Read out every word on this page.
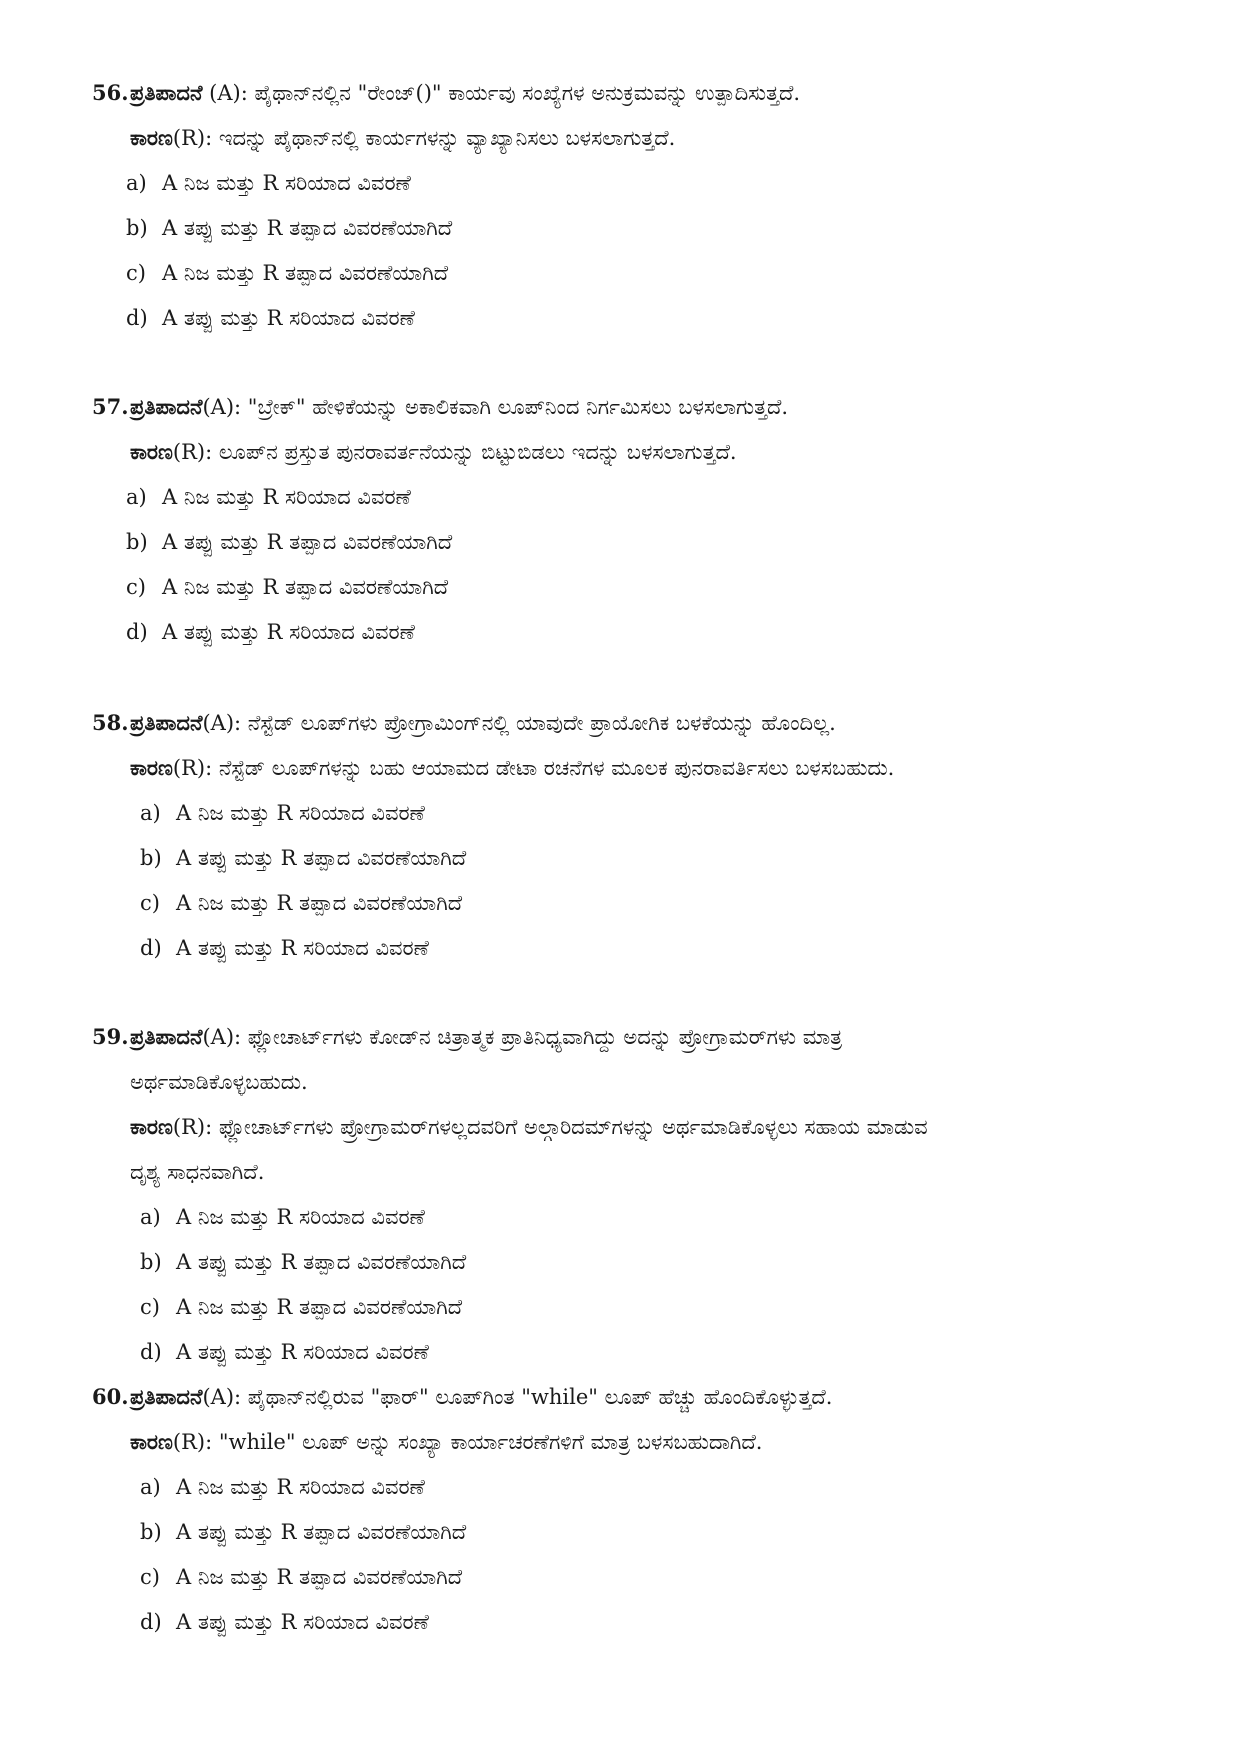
56.ಪ್ರತಿಪಾದನೆ (A): ಪೈಥಾನ್‌ನಲ್ಲಿನ "ರೇಂಜ್()" ಕಾರ್ಯವು ಸಂಖ್ಯೆಗಳ ಅನುಕ್ರಮವನ್ನು ಉತ್ಪಾದಿಸುತ್ತದೆ.
ಕಾರಣ(R): ಇದನ್ನು ಪೈಥಾನ್‌ನಲ್ಲಿ ಕಾರ್ಯಗಳನ್ನು ವ್ಯಾಖ್ಯಾನಿಸಲು ಬಳಸಲಾಗುತ್ತದೆ.
a) A ನಿಜ ಮತ್ತು R ಸರಿಯಾದ ವಿವರಣೆ
b) A ತಪ್ಪು ಮತ್ತು R ತಪ್ಪಾದ ವಿವರಣೆಯಾಗಿದೆ
c) A ನಿಜ ಮತ್ತು R ತಪ್ಪಾದ ವಿವರಣೆಯಾಗಿದೆ
d) A ತಪ್ಪು ಮತ್ತು R ಸರಿಯಾದ ವಿವರಣೆ
57.ಪ್ರತಿಪಾದನೆ(A): "ಬ್ರೇಕ್" ಹೇಳಿಕೆಯನ್ನು ಅಕಾಲಿಕವಾಗಿ ಲೂಪ್‌ನಿಂದ ನಿರ್ಗಮಿಸಲು ಬಳಸಲಾಗುತ್ತದೆ.
ಕಾರಣ(R): ಲೂಪ್‌ನ ಪ್ರಸ್ತುತ ಪುನರಾವರ್ತನೆಯನ್ನು ಬಿಟ್ಟುಬಿಡಲು ಇದನ್ನು ಬಳಸಲಾಗುತ್ತದೆ.
a) A ನಿಜ ಮತ್ತು R ಸರಿಯಾದ ವಿವರಣೆ
b) A ತಪ್ಪು ಮತ್ತು R ತಪ್ಪಾದ ವಿವರಣೆಯಾಗಿದೆ
c) A ನಿಜ ಮತ್ತು R ತಪ್ಪಾದ ವಿವರಣೆಯಾಗಿದೆ
d) A ತಪ್ಪು ಮತ್ತು R ಸರಿಯಾದ ವಿವರಣೆ
58.ಪ್ರತಿಪಾದನೆ(A): ನೆಸ್ಟೆಡ್ ಲೂಪ್‌ಗಳು ಪ್ರೋಗ್ರಾಮಿಂಗ್‌ನಲ್ಲಿ ಯಾವುದೇ ಪ್ರಾಯೋಗಿಕ ಬಳಕೆಯನ್ನು ಹೊಂದಿಲ್ಲ.
ಕಾರಣ(R): ನೆಸ್ಟೆಡ್ ಲೂಪ್‌ಗಳನ್ನು ಬಹು ಆಯಾಮದ ಡೇಟಾ ರಚನೆಗಳ ಮೂಲಕ ಪುನರಾವರ್ತಿಸಲು ಬಳಸಬಹುದು.
a) A ನಿಜ ಮತ್ತು R ಸರಿಯಾದ ವಿವರಣೆ
b) A ತಪ್ಪು ಮತ್ತು R ತಪ್ಪಾದ ವಿವರಣೆಯಾಗಿದೆ
c) A ನಿಜ ಮತ್ತು R ತಪ್ಪಾದ ವಿವರಣೆಯಾಗಿದೆ
d) A ತಪ್ಪು ಮತ್ತು R ಸರಿಯಾದ ವಿವರಣೆ
59.ಪ್ರತಿಪಾದನೆ(A): ಫ್ಲೋಚಾರ್ಟ್‌ಗಳು ಕೋಡ್‌ನ ಚಿತ್ರಾತ್ಮಕ ಪ್ರಾತಿನಿಧ್ಯವಾಗಿದ್ದು ಅದನ್ನು ಪ್ರೋಗ್ರಾಮರ್‌ಗಳು ಮಾತ್ರ
ಅರ್ಥಮಾಡಿಕೊಳ್ಳಬಹುದು.
ಕಾರಣ(R): ಫ್ಲೋಚಾರ್ಟ್‌ಗಳು ಪ್ರೋಗ್ರಾಮರ್‌ಗಳಲ್ಲದವರಿಗೆ ಅಲ್ಗಾರಿದಮ್‌ಗಳನ್ನು ಅರ್ಥಮಾಡಿಕೊಳ್ಳಲು ಸಹಾಯ ಮಾಡುವ
ದೃಶ್ಯ ಸಾಧನವಾಗಿದೆ.
a) A ನಿಜ ಮತ್ತು R ಸರಿಯಾದ ವಿವರಣೆ
b) A ತಪ್ಪು ಮತ್ತು R ತಪ್ಪಾದ ವಿವರಣೆಯಾಗಿದೆ
c) A ನಿಜ ಮತ್ತು R ತಪ್ಪಾದ ವಿವರಣೆಯಾಗಿದೆ
d) A ತಪ್ಪು ಮತ್ತು R ಸರಿಯಾದ ವಿವರಣೆ
60.ಪ್ರತಿಪಾದನೆ(A): ಪೈಥಾನ್‌ನಲ್ಲಿರುವ "ಫಾರ್" ಲೂಪ್‌ಗಿಂತ "while" ಲೂಪ್ ಹೆಚ್ಚು ಹೊಂದಿಕೊಳ್ಳುತ್ತದೆ.
ಕಾರಣ(R): "while" ಲೂಪ್ ಅನ್ನು ಸಂಖ್ಯಾ ಕಾರ್ಯಾಚರಣೆಗಳಿಗೆ ಮಾತ್ರ ಬಳಸಬಹುದಾಗಿದೆ.
a) A ನಿಜ ಮತ್ತು R ಸರಿಯಾದ ವಿವರಣೆ
b) A ತಪ್ಪು ಮತ್ತು R ತಪ್ಪಾದ ವಿವರಣೆಯಾಗಿದೆ
c) A ನಿಜ ಮತ್ತು R ತಪ್ಪಾದ ವಿವರಣೆಯಾಗಿದೆ
d) A ತಪ್ಪು ಮತ್ತು R ಸರಿಯಾದ ವಿವರಣೆ
